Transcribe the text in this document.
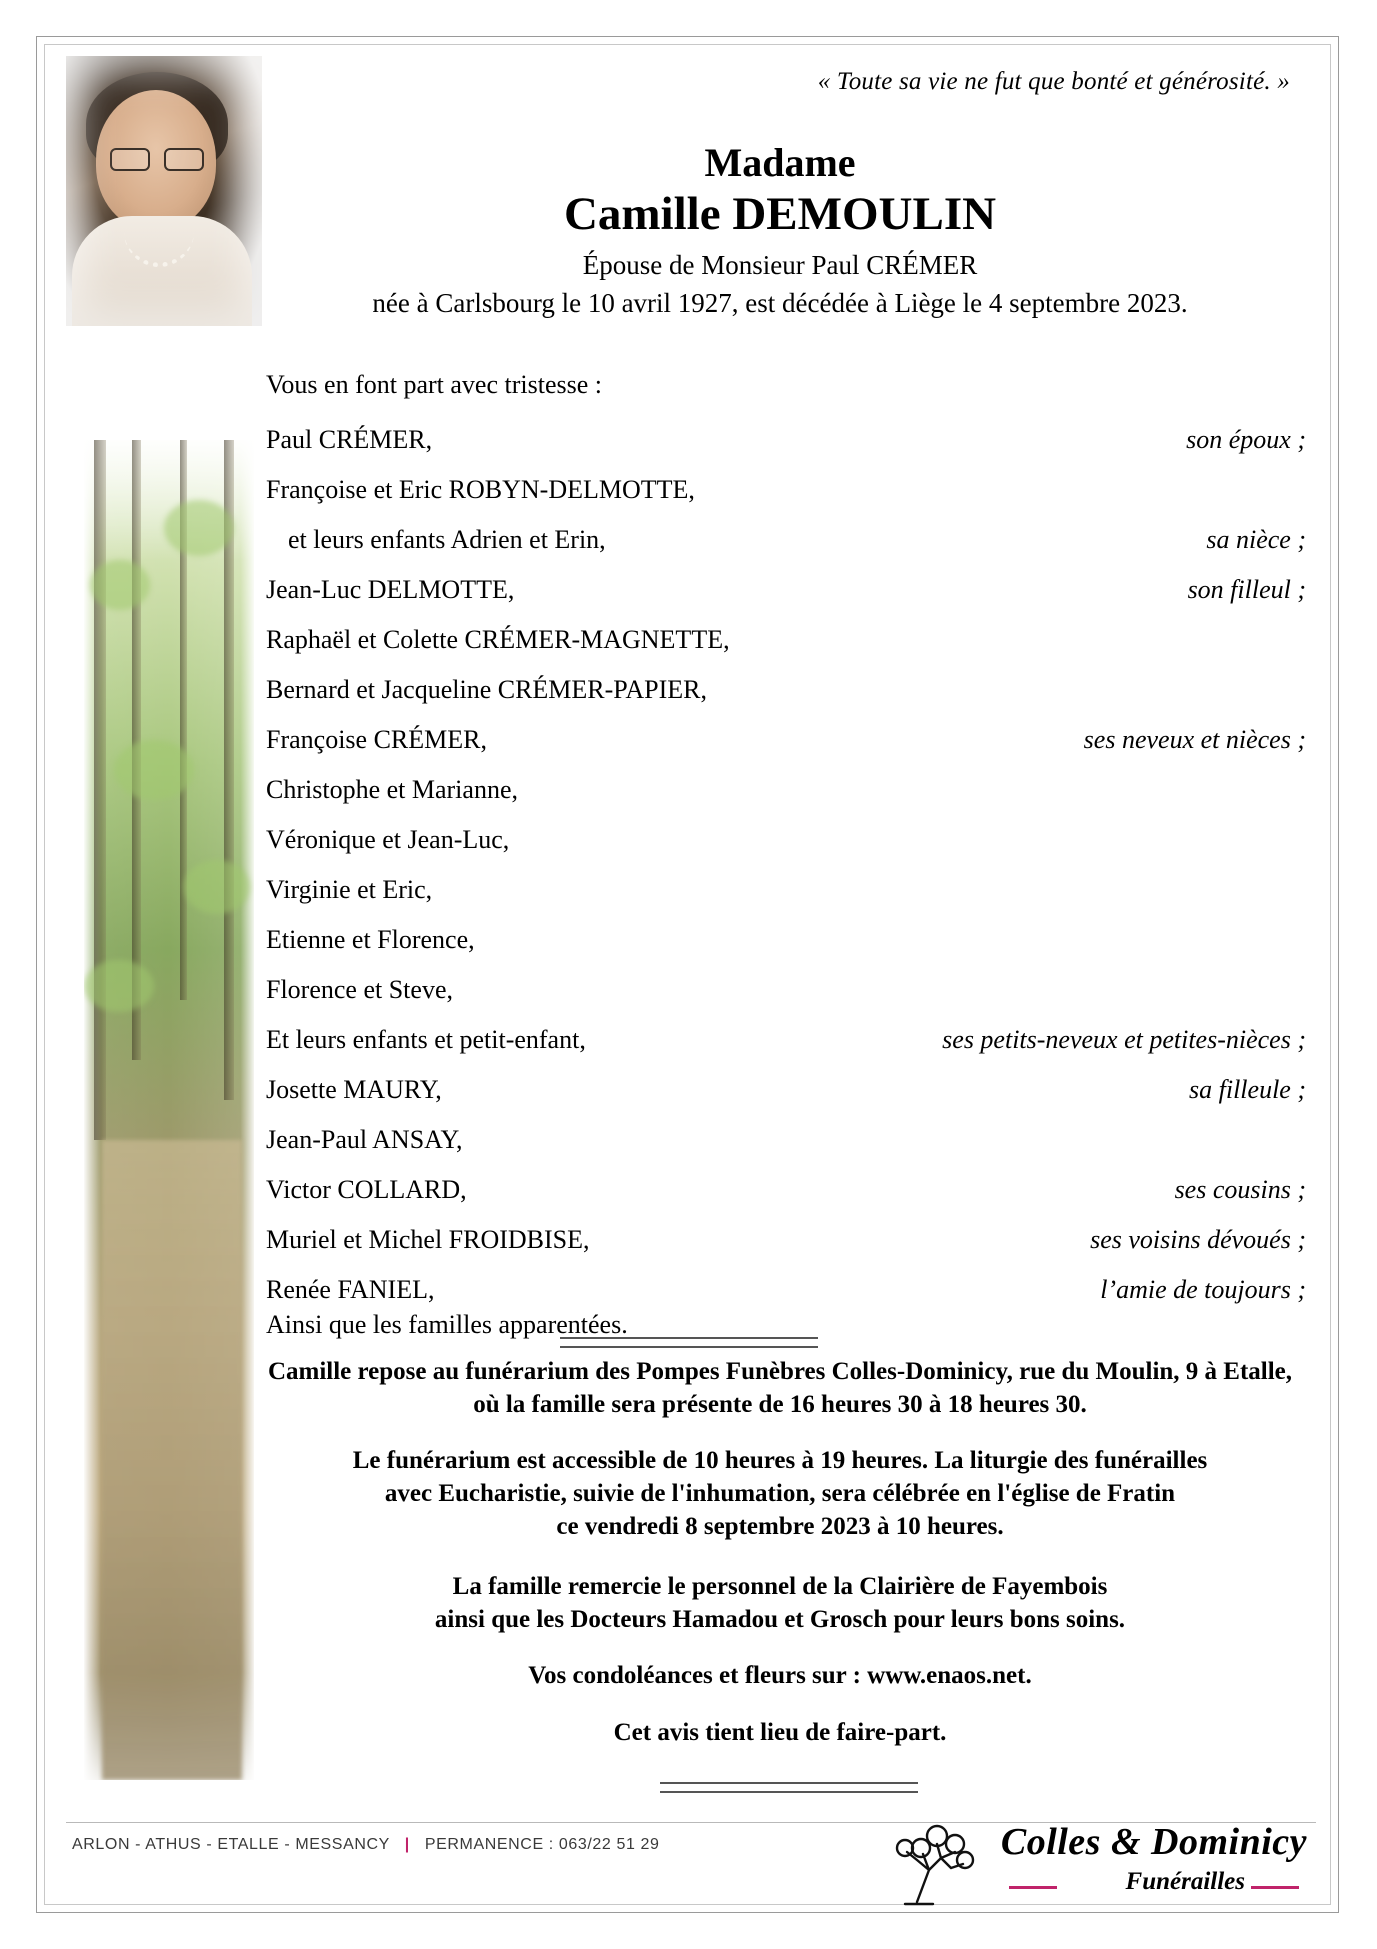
« Toute sa vie ne fut que bonté et générosité. »
Madame
Camille DEMOULIN
Épouse de Monsieur Paul CRÉMER
née à Carlsbourg le 10 avril 1927, est décédée à Liège le 4 septembre 2023.
Vous en font part avec tristesse :
Paul CRÉMER,	son époux ;
Françoise et Eric ROBYN-DELMOTTE,
et leurs enfants Adrien et Erin,	sa nièce ;
Jean-Luc DELMOTTE,	son filleul ;
Raphaël et Colette CRÉMER-MAGNETTE,
Bernard et Jacqueline CRÉMER-PAPIER,
Françoise CRÉMER,	ses neveux et nièces ;
Christophe et Marianne,
Véronique et Jean-Luc,
Virginie et Eric,
Etienne et Florence,
Florence et Steve,
Et leurs enfants et petit-enfant,	ses petits-neveux et petites-nièces ;
Josette MAURY,	sa filleule ;
Jean-Paul ANSAY,
Victor COLLARD,	ses cousins ;
Muriel et Michel FROIDBISE,	ses voisins dévoués ;
Renée FANIEL,	l’amie de toujours ;
Ainsi que les familles apparentées.
Camille repose au funérarium des Pompes Funèbres Colles-Dominicy, rue du Moulin, 9 à Etalle,
où la famille sera présente de 16 heures 30 à 18 heures 30.
Le funérarium est accessible de 10 heures à 19 heures. La liturgie des funérailles
avec Eucharistie, suivie de l'inhumation, sera célébrée en l'église de Fratin
ce vendredi 8 septembre 2023 à 10 heures.
La famille remercie le personnel de la Clairière de Fayembois
ainsi que les Docteurs Hamadou et Grosch pour leurs bons soins.
Vos condoléances et fleurs sur : www.enaos.net.
Cet avis tient lieu de faire-part.
ARLON - ATHUS - ETALLE - MESSANCY | PERMANENCE : 063/22 51 29	Colles & Dominicy
Funérailles
